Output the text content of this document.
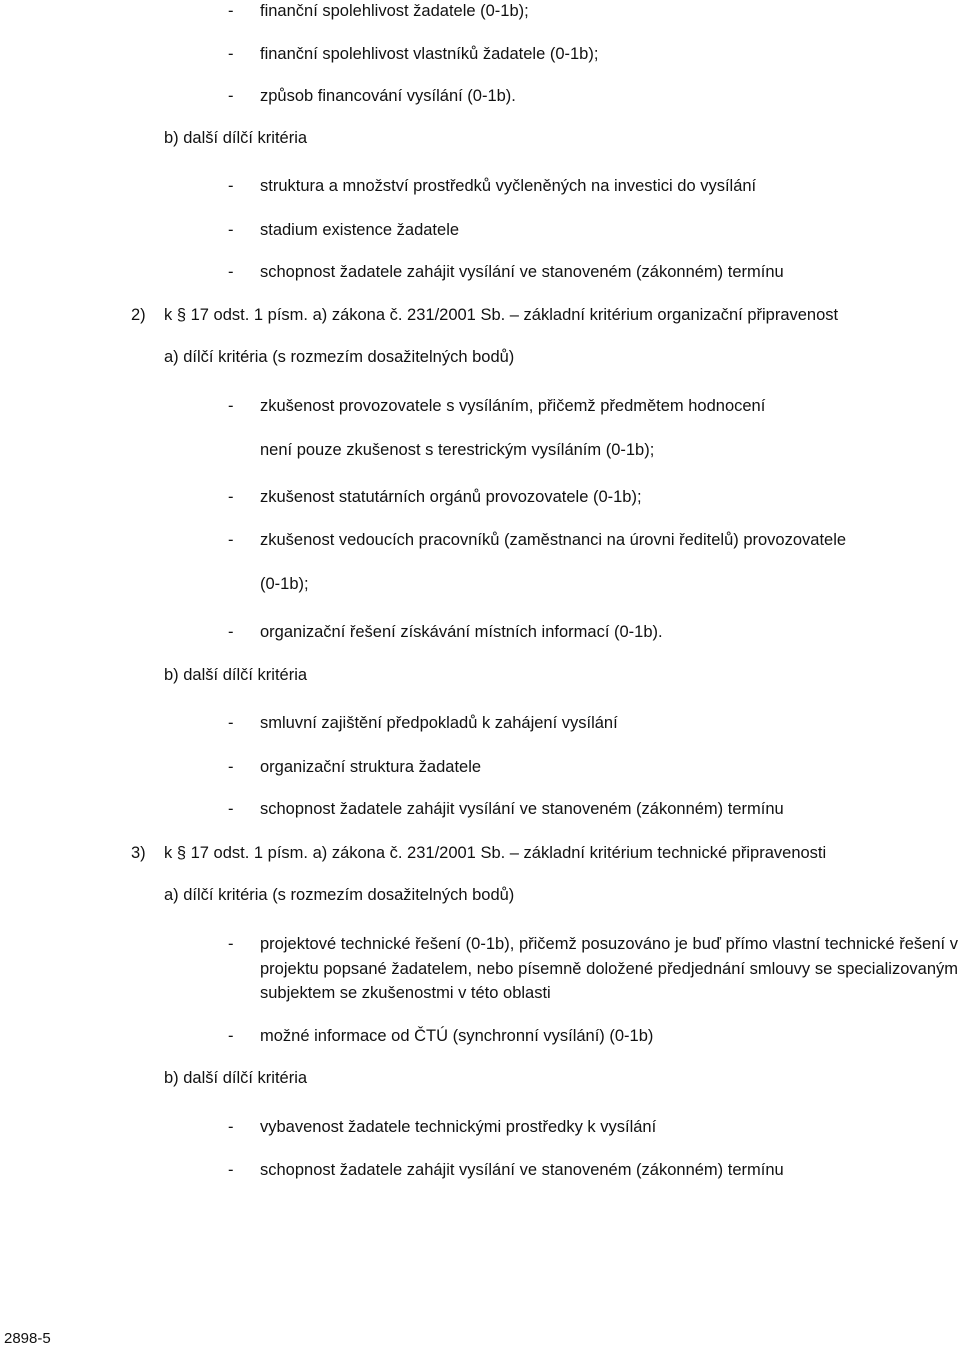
- finanční spolehlivost žadatele (0-1b);
- finanční spolehlivost vlastníků žadatele (0-1b);
- způsob financování vysílání (0-1b).
b) další dílčí kritéria
- struktura a množství prostředků vyčleněných na investici do vysílání
- stadium existence žadatele
- schopnost žadatele zahájit vysílání ve stanoveném (zákonném) termínu
2) k § 17 odst. 1 písm. a) zákona č. 231/2001 Sb. – základní kritérium organizační připravenost
a) dílčí kritéria (s rozmezím dosažitelných bodů)
- zkušenost provozovatele s vysíláním, přičemž předmětem hodnocení
není pouze zkušenost s terestrickým vysíláním (0-1b);
- zkušenost statutárních orgánů provozovatele (0-1b);
- zkušenost vedoucích pracovníků (zaměstnanci na úrovni ředitelů) provozovatele
(0-1b);
- organizační řešení získávání místních informací (0-1b).
b) další dílčí kritéria
- smluvní zajištění předpokladů k zahájení vysílání
- organizační struktura žadatele
- schopnost žadatele zahájit vysílání ve stanoveném (zákonném) termínu
3) k § 17 odst. 1 písm. a) zákona č. 231/2001 Sb. – základní kritérium technické připravenosti
a) dílčí kritéria (s rozmezím dosažitelných bodů)
- projektové technické řešení (0-1b), přičemž posuzováno je buď přímo vlastní technické řešení v projektu popsané žadatelem, nebo písemně doložené předjednání smlouvy se specializovaným subjektem se zkušenostmi v této oblasti
- možné informace od ČTÚ (synchronní vysílání) (0-1b)
b) další dílčí kritéria
- vybavenost žadatele technickými prostředky k vysílání
- schopnost žadatele zahájit vysílání ve stanoveném (zákonném) termínu
2898-5
